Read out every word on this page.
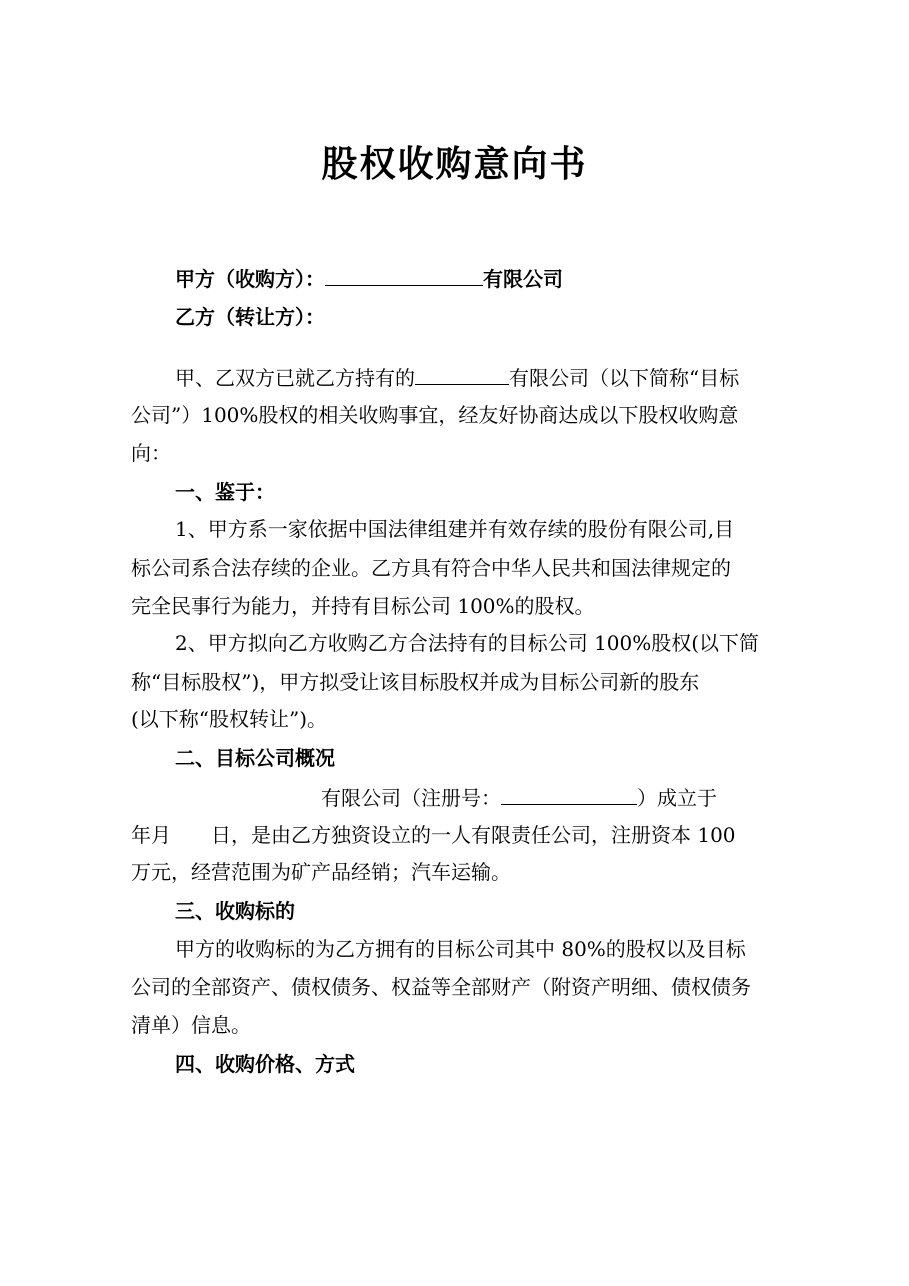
股权收购意向书
甲方（收购方）：	有限公司
乙方（转让方）：
甲、乙双方已就乙方持有的	有限公司（以下简称“目标
公司”）100%股权的相关收购事宜，经友好协商达成以下股权收购意
向：
一、鉴于：
1、甲方系一家依据中国法律组建并有效存续的股份有限公司,目
标公司系合法存续的企业。乙方具有符合中华人民共和国法律规定的
完全民事行为能力，并持有目标公司 100%的股权。
2、甲方拟向乙方收购乙方合法持有的目标公司 100%股权(以下简
称“目标股权”)，甲方拟受让该目标股权并成为目标公司新的股东
(以下称“股权转让”)。
二、目标公司概况
有限公司（注册号：	）成立于
年月　　日，是由乙方独资设立的一人有限责任公司，注册资本 100
万元，经营范围为矿产品经销；汽车运输。
三、收购标的
甲方的收购标的为乙方拥有的目标公司其中 80%的股权以及目标
公司的全部资产、债权债务、权益等全部财产（附资产明细、债权债务
清单）信息。
四、收购价格、方式
